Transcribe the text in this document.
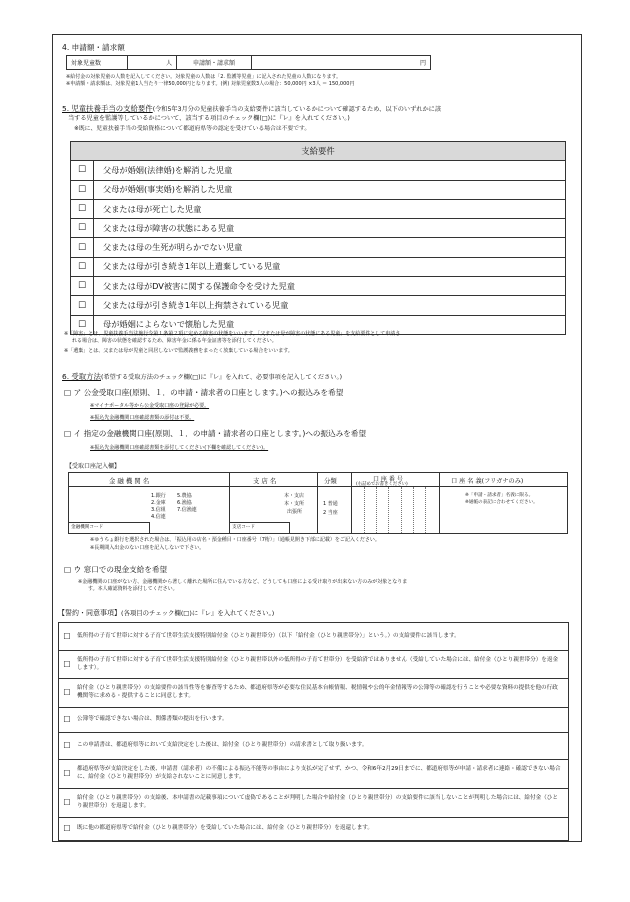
4. 申請額・請求額
対象児童数	人	申請額・請求額	円
※給付金の対象児童の人数を記入してください。対象児童の人数は「2. 監護等児童」に記入された児童の人数になります。
※申請額・請求額は、対象児童1人当たり一律50,000円となります。(例) 対象児童数3人の場合：50,000円 ×3人 ＝ 150,000円
5. 児童扶養手当の支給要件(令和5年3月分の児童扶養手当の支給要件に該当しているかについて確認するため、以下のいずれかに該
当する児童を監護等しているかについて、該当する項目のチェック欄(□)に『レ』を入れてください。)
※既に、児童扶養手当の受給資格について都道府県等の認定を受けている場合は不要です。
支給要件	
☐	父母が婚姻(法律婚)を解消した児童
☐	父母が婚姻(事実婚)を解消した児童
☐	父または母が死亡した児童
☐	父または母が障害の状態にある児童
☐	父または母の生死が明らかでない児童
☐	父または母が引き続き1年以上遺棄している児童
☐	父または母がDV被害に関する保護命令を受けた児童
☐	父または母が引き続き1年以上拘禁されている児童
☐	母が婚姻によらないで懐胎した児童
※「障害」とは、児童扶養手当法施行令第１条第２項に定める障害の状態をいいます。「父または母が障害の状態にある児童」を支給要件として申請さ
れる場合は、障害の状態を確認するため、障害年金に係る年金証書等を添付してください。
※「遺棄」とは、父または母が児童と同居しないで監護義務をまったく放棄している場合をいいます。
6. 受取方法(希望する受取方法のチェック欄(□)に『レ』を入れて、必要事項を記入してください。)
□ ア 公金受取口座(原則、１．の申請・請求者の口座とします。)への振込みを希望
※マイナポータル等から公金受取口座の登録が必要。
※振込先金融機関口座確認書類の添付は不要。
□ イ 指定の金融機関口座(原則、１．の申請・請求者の口座とします。)への振込みを希望
※振込先金融機関口座確認書類を添付してください(下欄を確認してください)。
【受取口座記入欄】
金 融 機 関 名
1.銀行
2.金庫
3.信組
4.信連
5.農協
6.漁協
7.信漁連
金融機関コード
支 店 名
本・支店
本・支所
出張所
支店コード
分類
1 普通
2 当座
口 座 番 号
(右詰めでお書きください)	口 座 名 義(フリガナのみ)
※「申請・請求者」名義に限る。
※通帳の表記に合わせてください。
※ゆうちょ銀行を選択された場合は、「振込用の店名・預金種目・口座番号（7桁）」（通帳見開き下部に記載）をご記入ください。
※長期間入出金のない口座を記入しないで下さい。
□ ウ 窓口での現金支給を希望
※金融機関の口座がない方、金融機関から著しく離れた場所に住んでいる方など、どうしても口座による受け取りが出来ない方のみが対象となりま
す。本人確認資料を添付してください。
【誓約・同意事項】(各項目のチェック欄(□)に『レ』を入れてください。)
☐	低所得の子育て世帯に対する子育て世帯生活支援特別給付金（ひとり親世帯分）（以下「給付金（ひとり親世帯分）」という。）の支給要件に該当します。
☐	低所得の子育て世帯に対する子育て世帯生活支援特別給付金（ひとり親世帯以外の低所得の子育て世帯分）を受給済ではありません（受給していた場合には、給付金（ひとり親世帯分）を返金します）。
☐	給付金（ひとり親世帯分）の支給要件の該当性等を審査等するため、都道府県等が必要な住民基本台帳情報、税情報や公的年金情報等の公簿等の確認を行うことや必要な資料の提供を他の行政機関等に求める・提供することに同意します。
☐	公簿等で確認できない場合は、関係書類の提出を行います。
☐	この申請書は、都道府県等において支給決定をした後は、給付金（ひとり親世帯分）の請求書として取り扱います。
☐	都道府県等が支給決定をした後、申請書（請求者）の不備による振込不能等の事由により支払が完了せず、かつ、令和6年2月29日までに、都道府県等が申請・請求者に連絡・確認できない場合に、給付金（ひとり親世帯分）が支給されないことに同意します。
☐	給付金（ひとり親世帯分）の支給後、本申請書の記載事項について虚偽であることが判明した場合や給付金（ひとり親世帯分）の支給要件に該当しないことが判明した場合には、給付金（ひとり親世帯分）を返還します。
☐	既に他の都道府県等で給付金（ひとり親世帯分）を受給していた場合には、給付金（ひとり親世帯分）を返還します。
